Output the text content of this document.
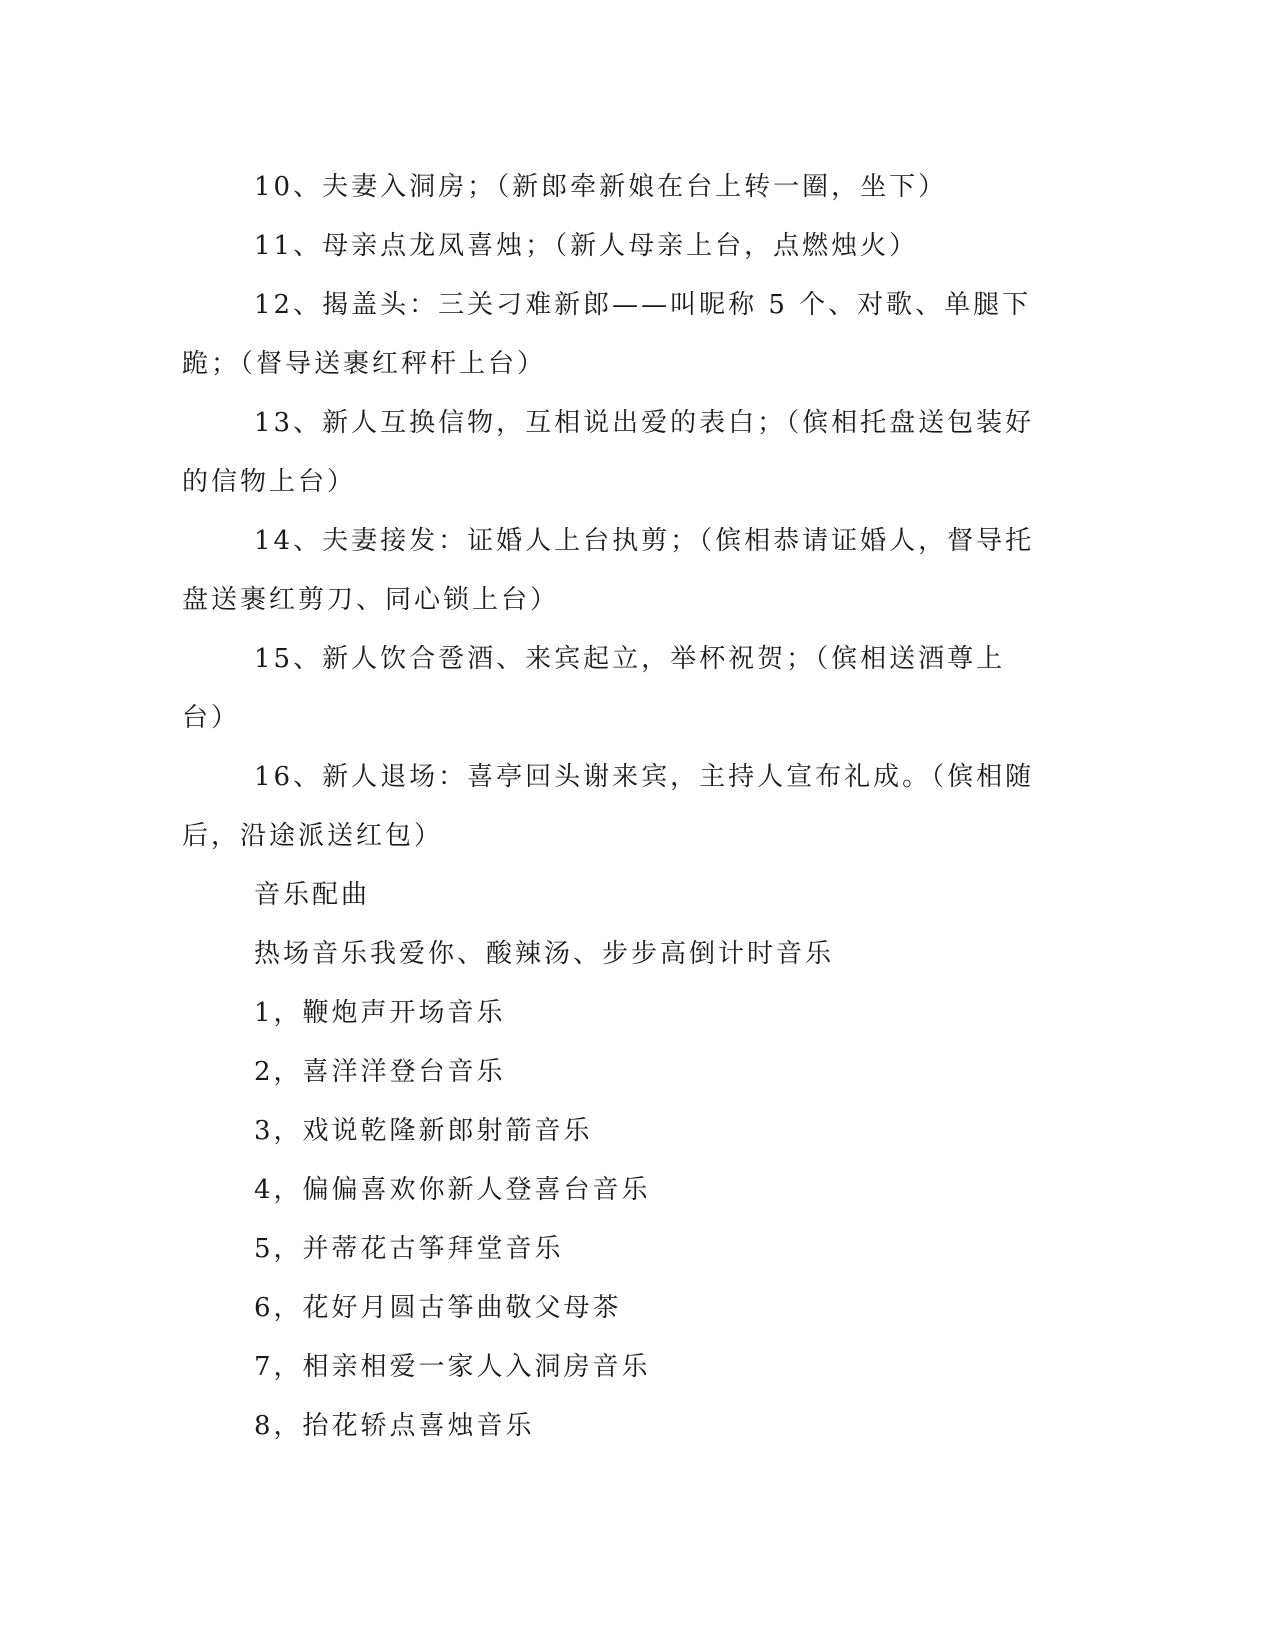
10、夫妻入洞房；（新郎牵新娘在台上转一圈，坐下）

11、母亲点龙凤喜烛；（新人母亲上台，点燃烛火）

12、揭盖头：三关刁难新郎——叫昵称 5 个、对歌、单腿下跪；（督导送裹红秤杆上台）

13、新人互换信物，互相说出爱的表白；（傧相托盘送包装好的信物上台）

14、夫妻接发：证婚人上台执剪；（傧相恭请证婚人，督导托盘送裹红剪刀、同心锁上台）

15、新人饮合卺酒、来宾起立，举杯祝贺；（傧相送酒尊上台）

16、新人退场：喜亭回头谢来宾，主持人宣布礼成。（傧相随后，沿途派送红包）

音乐配曲

热场音乐我爱你、酸辣汤、步步高倒计时音乐

1，鞭炮声开场音乐

2，喜洋洋登台音乐

3，戏说乾隆新郎射箭音乐

4，偏偏喜欢你新人登喜台音乐

5，并蒂花古筝拜堂音乐

6，花好月圆古筝曲敬父母茶

7，相亲相爱一家人入洞房音乐

8，抬花轿点喜烛音乐
